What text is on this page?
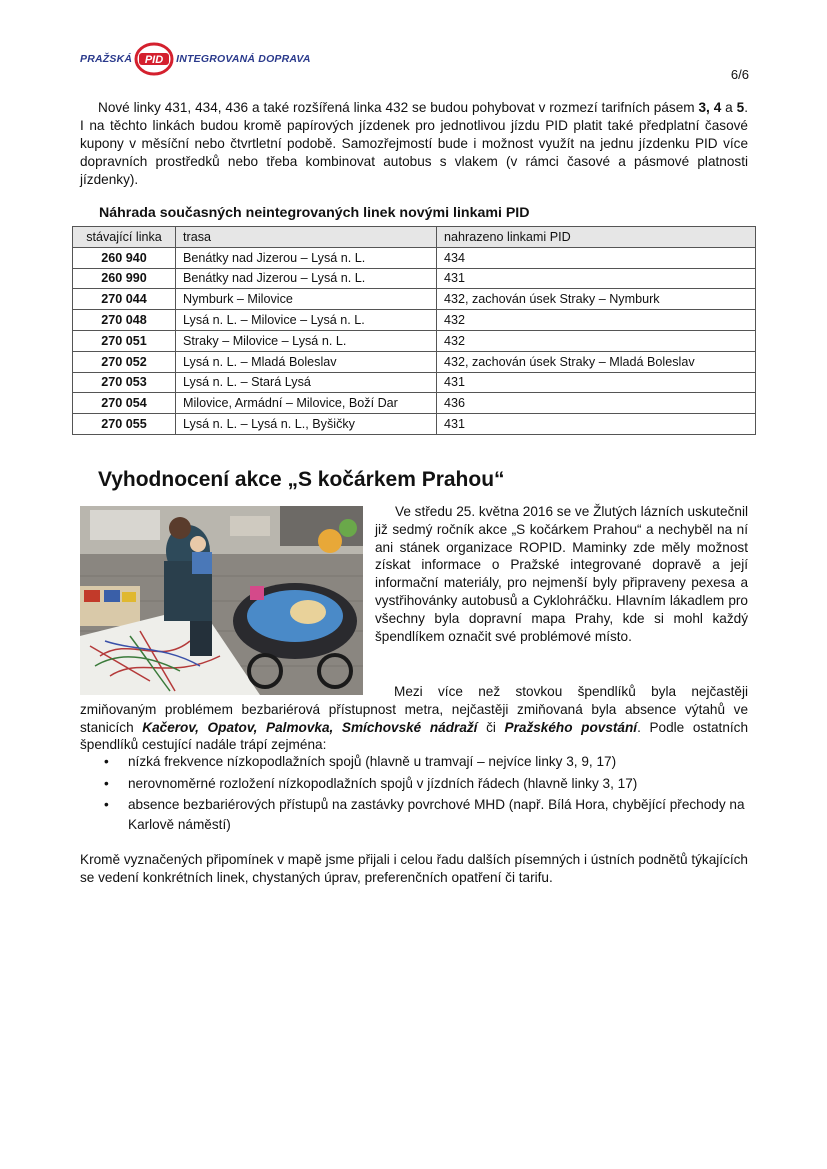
PRAŽSKÁ PID INTEGROVANÁ DOPRAVA
6/6

Nové linky 431, 434, 436 a také rozšířená linka 432 se budou pohybovat v rozmezí tarifních pásem 3, 4 a 5. I na těchto linkách budou kromě papírových jízdenek pro jednotlivou jízdu PID platit také předplatní časové kupony v měsíční nebo čtvrtletní podobě. Samozřejmostí bude i možnost využít na jednu jízdenku PID více dopravních prostředků nebo třeba kombinovat autobus s vlakem (v rámci časové a pásmové platnosti jízdenky).

Náhrada současných neintegrovaných linek novými linkami PID
stávající linka	trasa	nahrazeno linkami PID
260 940	Benátky nad Jizerou – Lysá n. L.	434
260 990	Benátky nad Jizerou – Lysá n. L.	431
270 044	Nymburk – Milovice	432, zachován úsek Straky – Nymburk
270 048	Lysá n. L. – Milovice – Lysá n. L.	432
270 051	Straky – Milovice – Lysá n. L.	432
270 052	Lysá n. L. – Mladá Boleslav	432, zachován úsek Straky – Mladá Boleslav
270 053	Lysá n. L. – Stará Lysá	431
270 054	Milovice, Armádní – Milovice, Boží Dar	436
270 055	Lysá n. L. – Lysá n. L., Byšičky	431
Vyhodnocení akce „S kočárkem Prahou“

Ve středu 25. května 2016 se ve Žlutých lázních uskutečnil již sedmý ročník akce „S kočárkem Prahou“ a nechyběl na ní ani stánek organizace ROPID. Maminky zde měly možnost získat informace o Pražské integrované dopravě a její informační materiály, pro nejmenší byly připraveny pexesa a vystřihovánky autobusů a Cyklohráčku. Hlavním lákadlem pro všechny byla dopravní mapa Prahy, kde si mohl každý špendlíkem označit své problémové místo.

Mezi více než stovkou špendlíků byla nejčastěji zmiňovaným problémem bezbariérová přístupnost metra, nejčastěji zmiňovaná byla absence výtahů ve stanicích Kačerov, Opatov, Palmovka, Smíchovské nádraží či Pražského povstání. Podle ostatních špendlíků cestující nadále trápí zejména:

• nízká frekvence nízkopodlažních spojů (hlavně u tramvají – nejvíce linky 3, 9, 17)
• nerovnoměrné rozložení nízkopodlažních spojů v jízdních řádech (hlavně linky 3, 17)
• absence bezbariérových přístupů na zastávky povrchové MHD (např. Bílá Hora, chybějící přechody na Karlově náměstí)

Kromě vyznačených připomínek v mapě jsme přijali i celou řadu dalších písemných i ústních podnětů týkajících se vedení konkrétních linek, chystaných úprav, preferenčních opatření či tarifu.
